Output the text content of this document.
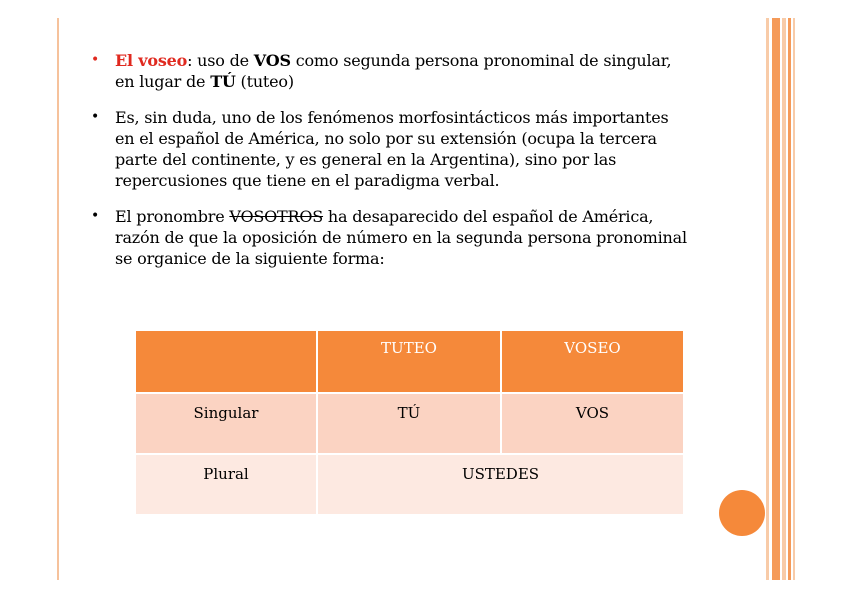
• El voseo: uso de VOS como segunda persona pronominal de singular,
en lugar de TÚ (tuteo)
• Es, sin duda, uno de los fenómenos morfosintácticos más importantes
en el español de América, no solo por su extensión (ocupa la tercera
parte del continente, y es general en la Argentina), sino por las
repercusiones que tiene en el paradigma verbal.
• El pronombre VOSOTROS ha desaparecido del español de América,
razón de que la oposición de número en la segunda persona pronominal
se organice de la siguiente forma:
	TUTEO	VOSEO
Singular	TÚ	VOS
Plural	USTEDES	
